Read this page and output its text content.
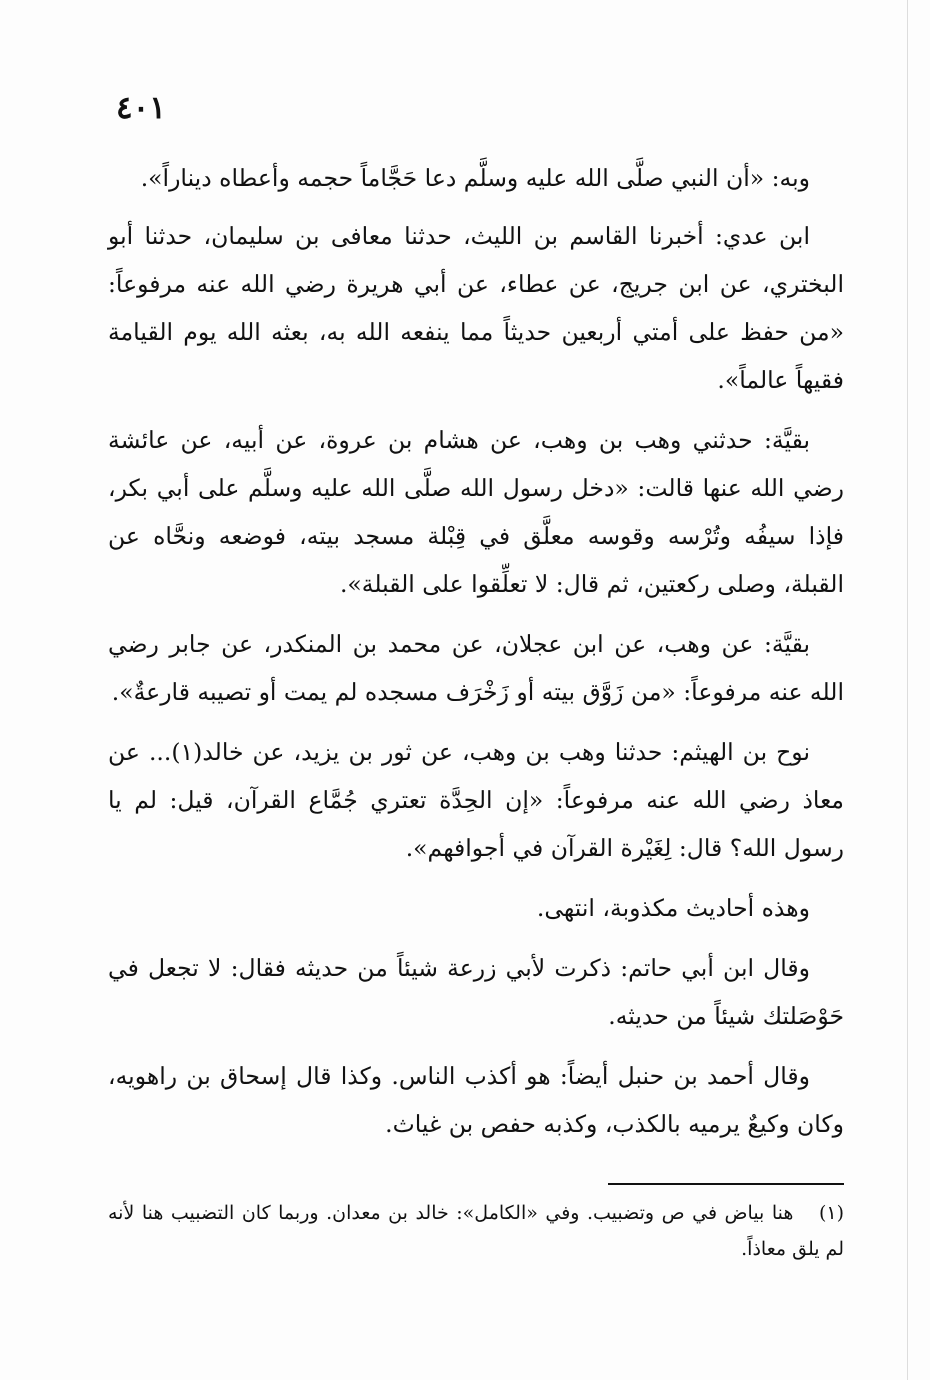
٤٠١

وبه: «أن النبي صلَّى الله عليه وسلَّم دعا حَجَّاماً حجمه وأعطاه ديناراً».

ابن عدي: أخبرنا القاسم بن الليث، حدثنا معافى بن سليمان، حدثنا أبو البختري، عن ابن جريج، عن عطاء، عن أبي هريرة رضي الله عنه مرفوعاً: «من حفظ على أمتي أربعين حديثاً مما ينفعه الله به، بعثه الله يوم القيامة فقيهاً عالماً».

بقيَّة: حدثني وهب بن وهب، عن هشام بن عروة، عن أبيه، عن عائشة رضي الله عنها قالت: «دخل رسول الله صلَّى الله عليه وسلَّم على أبي بكر، فإذا سيفُه وتُرْسه وقوسه معلَّق في قِبْلة مسجد بيته، فوضعه ونحَّاه عن القبلة، وصلى ركعتين، ثم قال: لا تعلِّقوا على القبلة».

بقيَّة: عن وهب، عن ابن عجلان، عن محمد بن المنكدر، عن جابر رضي الله عنه مرفوعاً: «من زَوَّق بيته أو زَخْرَف مسجده لم يمت أو تصيبه قارعةٌ».

نوح بن الهيثم: حدثنا وهب بن وهب، عن ثور بن يزيد، عن خالد(١)... عن معاذ رضي الله عنه مرفوعاً: «إن الحِدَّة تعتري جُمَّاع القرآن، قيل: لم يا رسول الله؟ قال: لِغَيْرة القرآن في أجوافهم».

وهذه أحاديث مكذوبة، انتهى.

وقال ابن أبي حاتم: ذكرت لأبي زرعة شيئاً من حديثه فقال: لا تجعل في حَوْصَلتك شيئاً من حديثه.

وقال أحمد بن حنبل أيضاً: هو أكذب الناس. وكذا قال إسحاق بن راهويه، وكان وكيعٌ يرميه بالكذب، وكذبه حفص بن غياث.

(١) هنا بياض في ص وتضبيب. وفي «الكامل»: خالد بن معدان. وربما كان التضبيب هنا لأنه لم يلق معاذاً.
